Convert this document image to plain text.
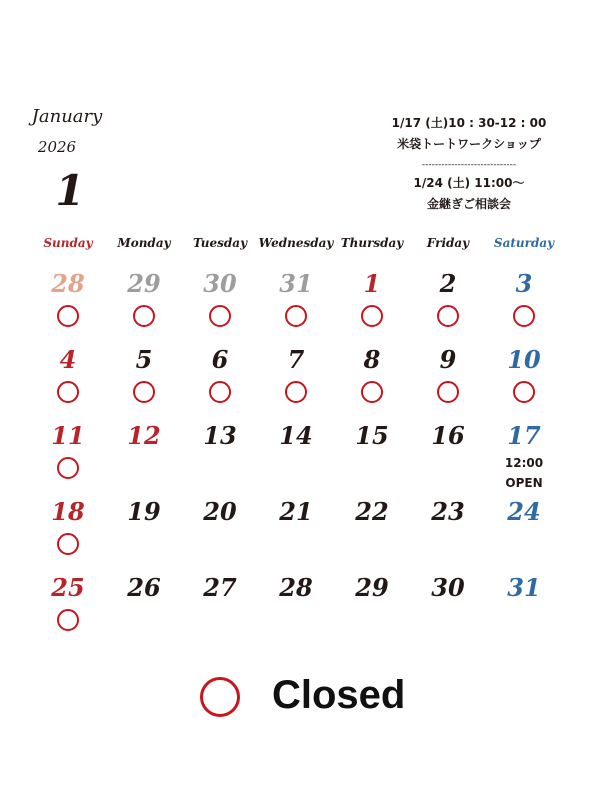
January
2026
1
1/17 (土)10 : 30-12 : 00
米袋トートワークショップ
-----------------------------
1/24 (土) 11:00～
金継ぎご相談会
Sunday	Monday	Tuesday Wednesday Thursday	Friday	Saturday
28	29	30	31	1	2	3
4	5	6	7	8	9	10
11	12	13	14	15	16	17
12:00
OPEN
18	19	20	21	22	23	24
25	26	27	28	29	30	31
Closed
